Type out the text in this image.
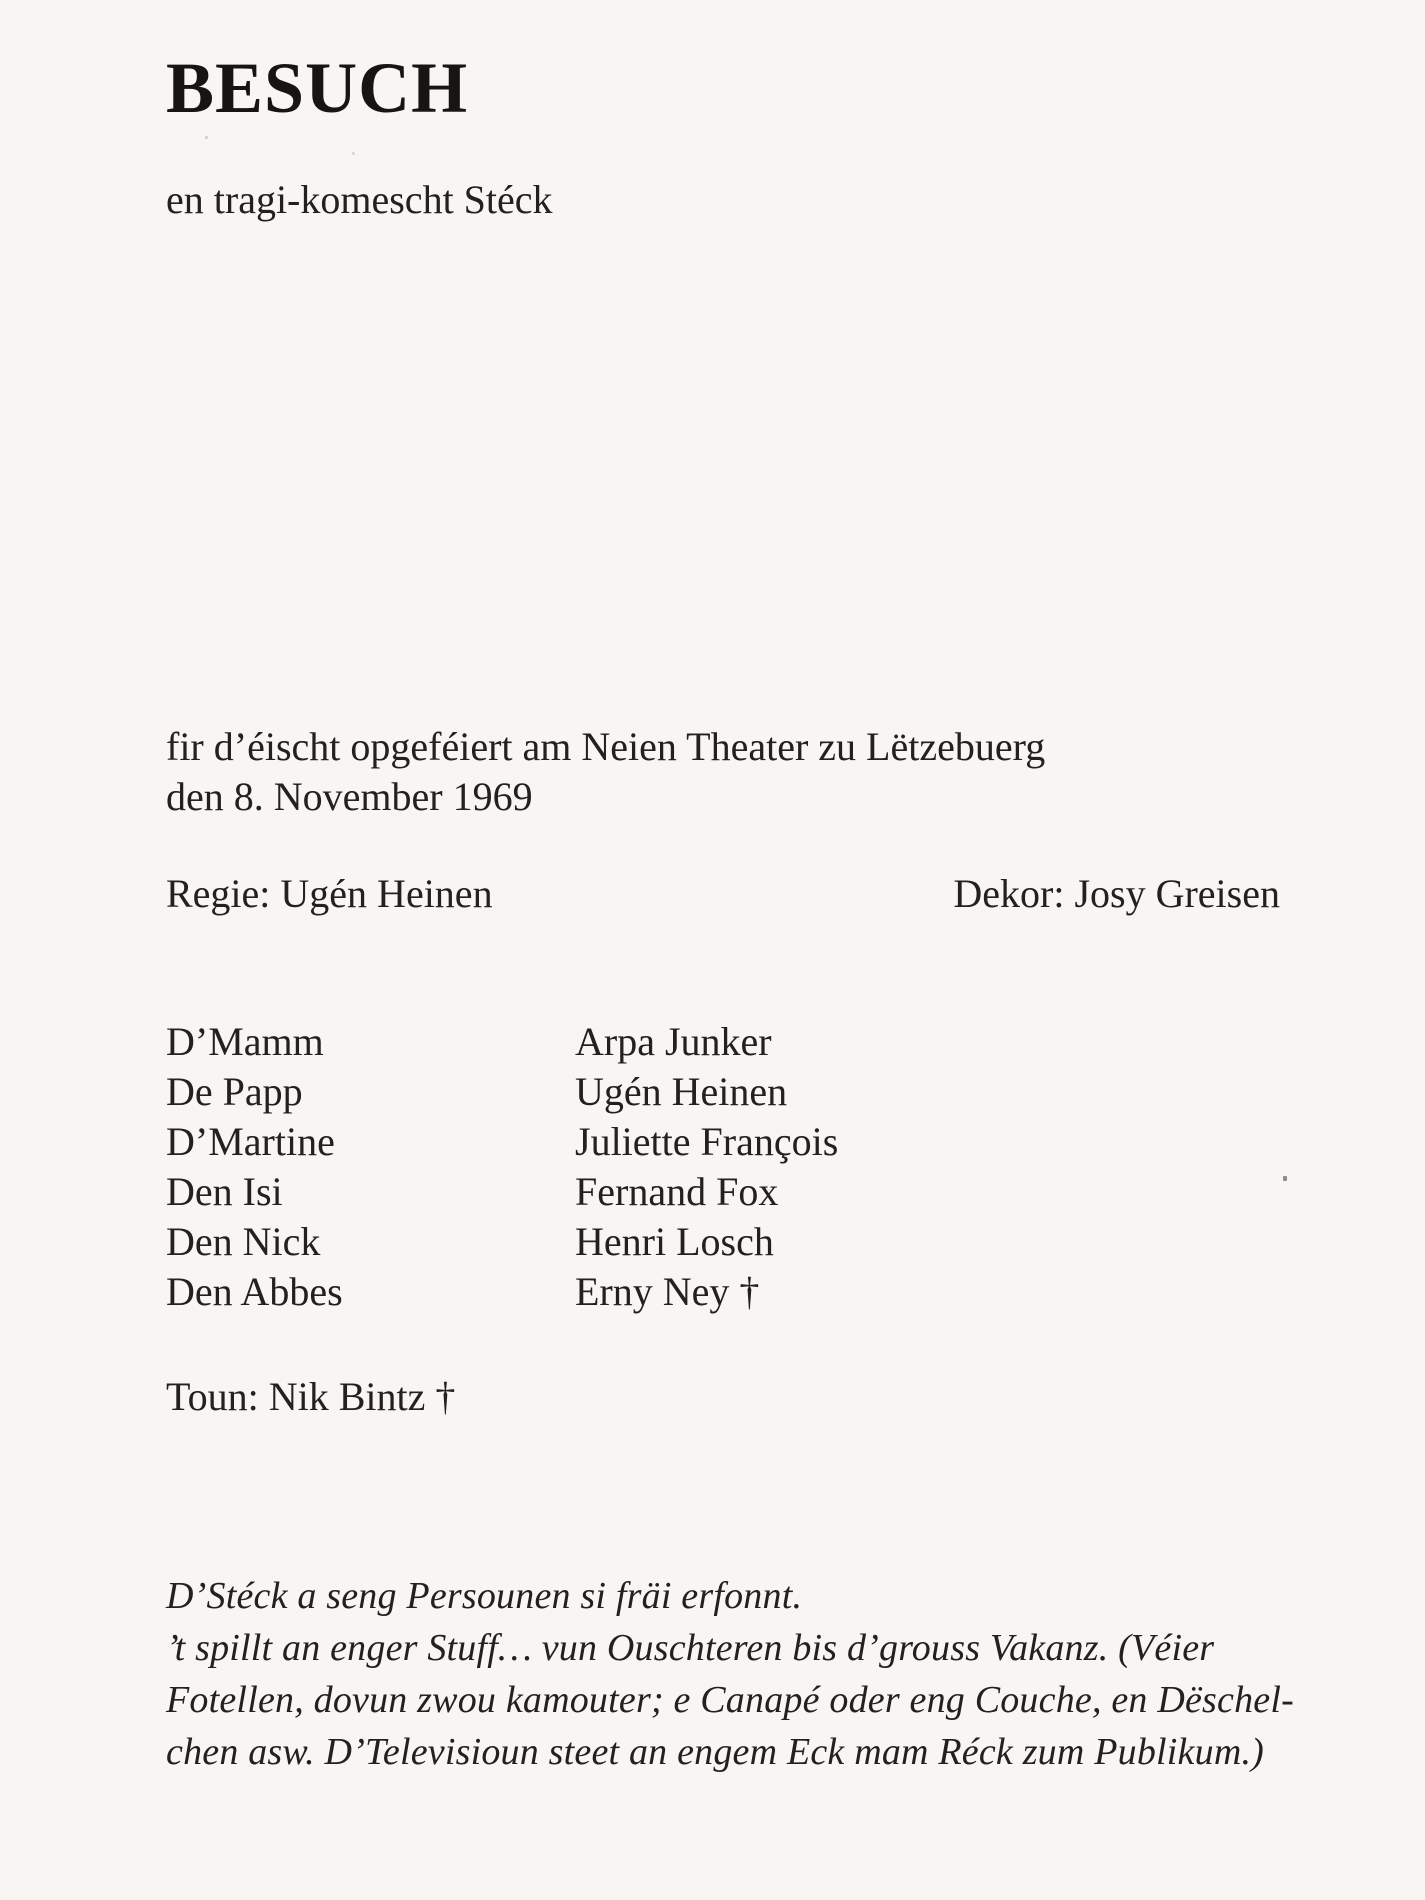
BESUCH
en tragi-komescht Stéck
fir d’éischt opgeféiert am Neien Theater zu Lëtzebuerg
den 8. November 1969
Regie: Ugén Heinen	Dekor: Josy Greisen
D’Mamm	Arpa Junker
De Papp	Ugén Heinen
D’Martine	Juliette François
Den Isi	Fernand Fox
Den Nick	Henri Losch
Den Abbes	Erny Ney †
Toun: Nik Bintz †
D’Stéck a seng Persounen si fräi erfonnt.
’t spillt an enger Stuff… vun Ouschteren bis d’grouss Vakanz. (Véier
Fotellen, dovun zwou kamouter; e Canapé oder eng Couche, en Dëschel-
chen asw. D’Televisioun steet an engem Eck mam Réck zum Publikum.)
